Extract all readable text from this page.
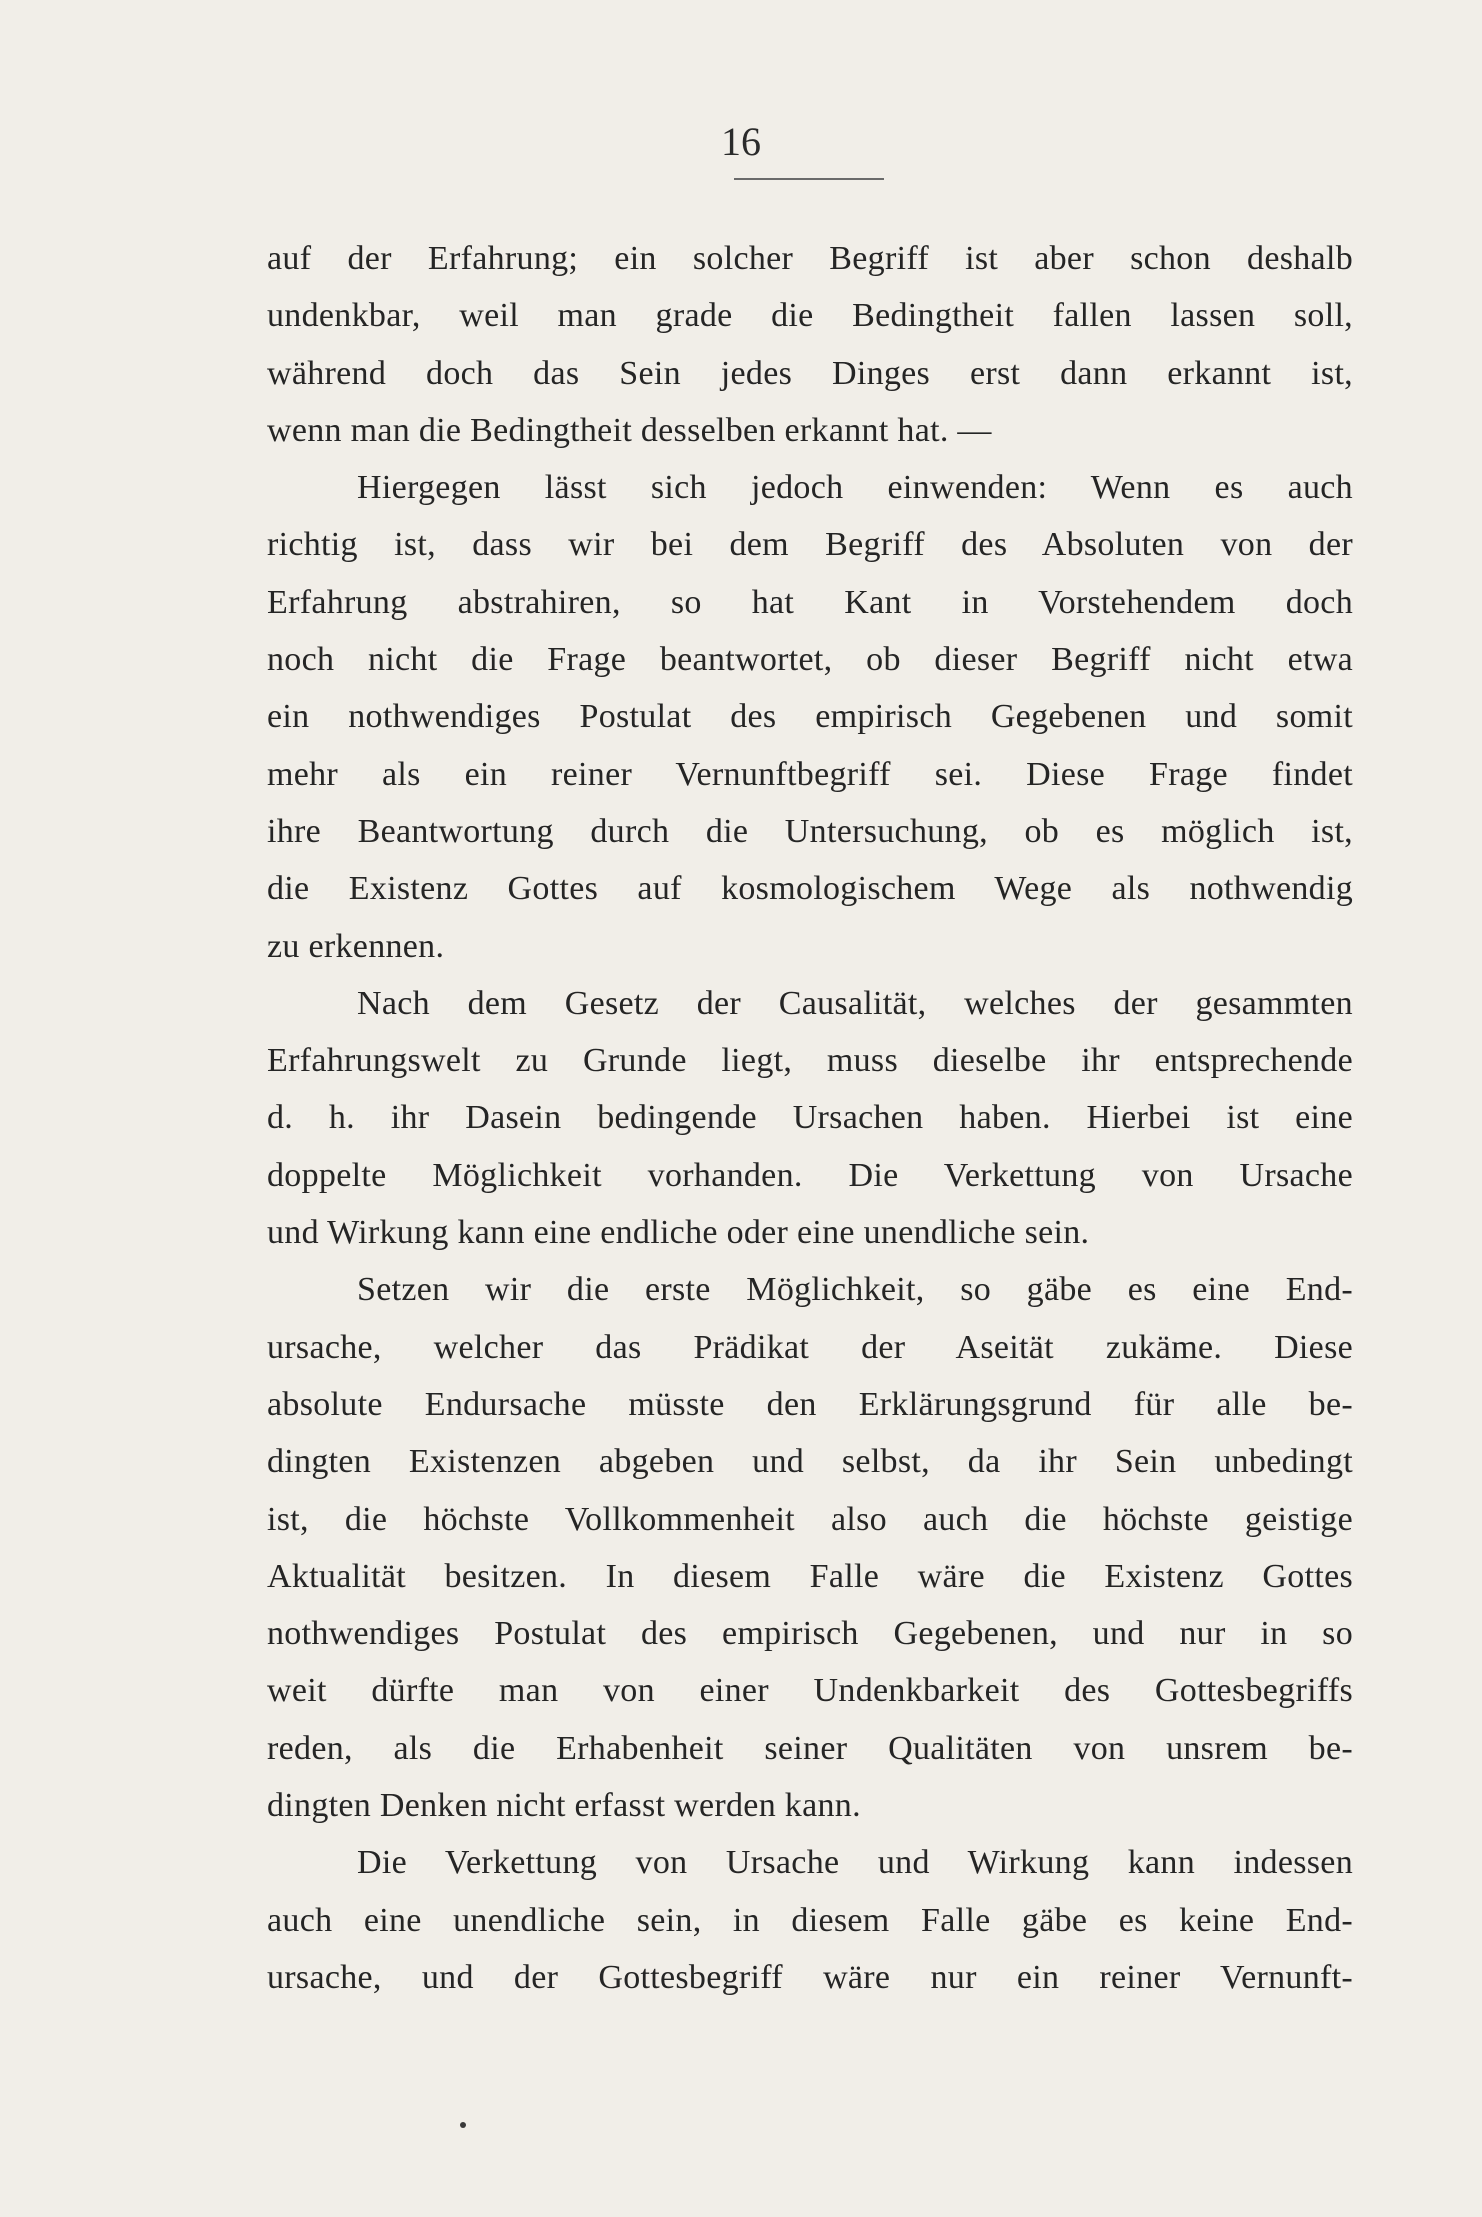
16
auf der Erfahrung; ein solcher Begriff ist aber schon deshalb
undenkbar, weil man grade die Bedingtheit fallen lassen soll,
während doch das Sein jedes Dinges erst dann erkannt ist,
wenn man die Bedingtheit desselben erkannt hat. —
Hiergegen lässt sich jedoch einwenden: Wenn es auch
richtig ist, dass wir bei dem Begriff des Absoluten von der
Erfahrung abstrahiren, so hat Kant in Vorstehendem doch
noch nicht die Frage beantwortet, ob dieser Begriff nicht etwa
ein nothwendiges Postulat des empirisch Gegebenen und somit
mehr als ein reiner Vernunftbegriff sei. Diese Frage findet
ihre Beantwortung durch die Untersuchung, ob es möglich ist,
die Existenz Gottes auf kosmologischem Wege als nothwendig
zu erkennen.
Nach dem Gesetz der Causalität, welches der gesammten
Erfahrungswelt zu Grunde liegt, muss dieselbe ihr entsprechende
d. h. ihr Dasein bedingende Ursachen haben. Hierbei ist eine
doppelte Möglichkeit vorhanden. Die Verkettung von Ursache
und Wirkung kann eine endliche oder eine unendliche sein.
Setzen wir die erste Möglichkeit, so gäbe es eine End-
ursache, welcher das Prädikat der Aseität zukäme. Diese
absolute Endursache müsste den Erklärungsgrund für alle be-
dingten Existenzen abgeben und selbst, da ihr Sein unbedingt
ist, die höchste Vollkommenheit also auch die höchste geistige
Aktualität besitzen. In diesem Falle wäre die Existenz Gottes
nothwendiges Postulat des empirisch Gegebenen, und nur in so
weit dürfte man von einer Undenkbarkeit des Gottesbegriffs
reden, als die Erhabenheit seiner Qualitäten von unsrem be-
dingten Denken nicht erfasst werden kann.
Die Verkettung von Ursache und Wirkung kann indessen
auch eine unendliche sein, in diesem Falle gäbe es keine End-
ursache, und der Gottesbegriff wäre nur ein reiner Vernunft-
